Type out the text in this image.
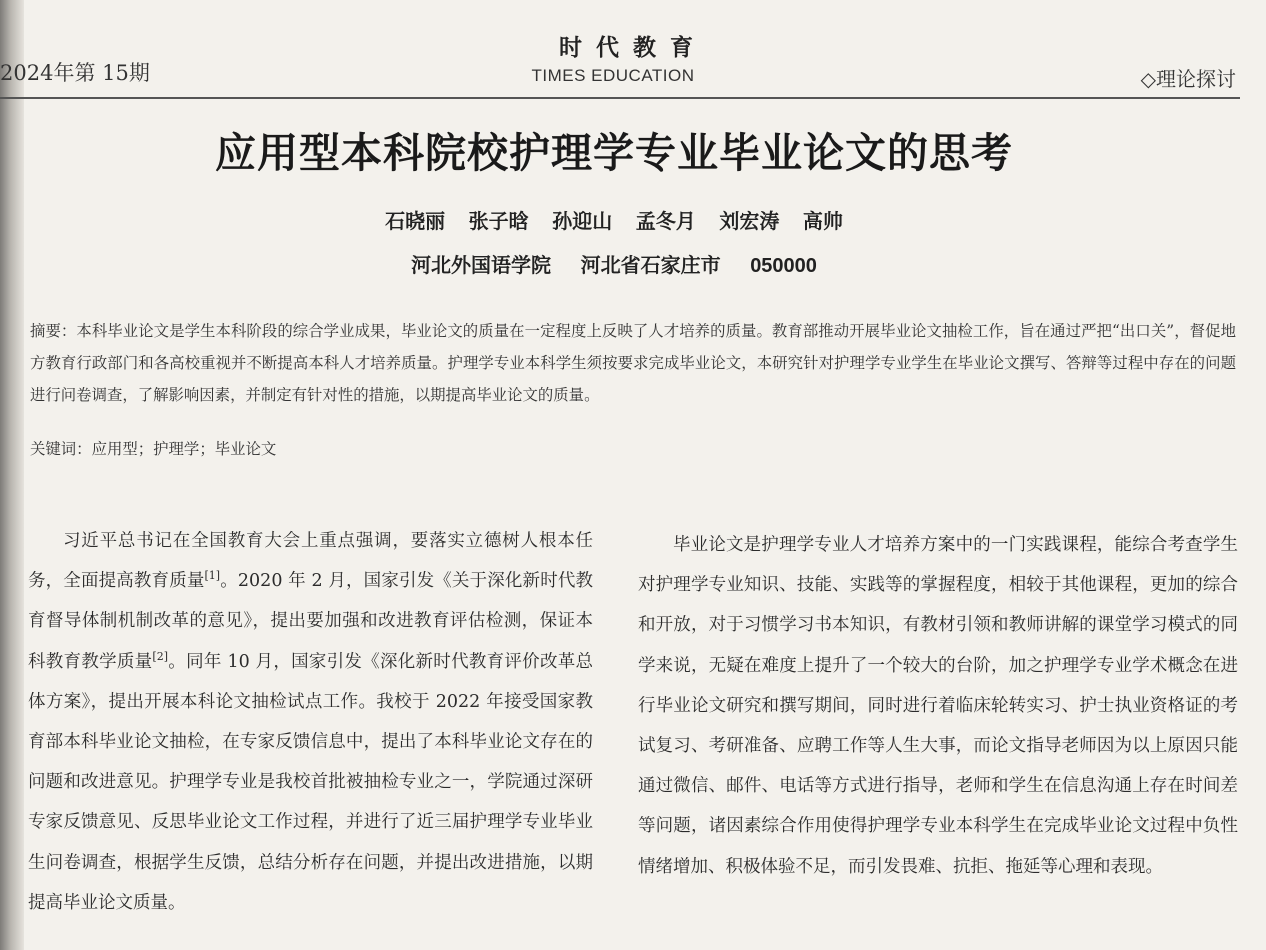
2024年第 15期
时代教育
TIMES EDUCATION	◇理论探讨
应用型本科院校护理学专业毕业论文的思考
石晓丽 张子晗 孙迎山 孟冬月 刘宏涛 高帅
河北外国语学院 河北省石家庄市 050000
摘要：本科毕业论文是学生本科阶段的综合学业成果，毕业论文的质量在一定程度上反映了人才培养的质量。教育部推动开展毕业论文抽检工作，旨在通过严把“出口关”，督促地方教育行政部门和各高校重视并不断提高本科人才培养质量。护理学专业本科学生须按要求完成毕业论文，本研究针对护理学专业学生在毕业论文撰写、答辩等过程中存在的问题进行问卷调查，了解影响因素，并制定有针对性的措施，以期提高毕业论文的质量。
关键词：应用型；护理学；毕业论文

习近平总书记在全国教育大会上重点强调，要落实立德树人根本任务，全面提高教育质量[1]。2020 年 2 月，国家引发《关于深化新时代教育督导体制机制改革的意见》，提出要加强和改进教育评估检测，保证本科教育教学质量[2]。同年 10 月，国家引发《深化新时代教育评价改革总体方案》，提出开展本科论文抽检试点工作。我校于 2022 年接受国家教育部本科毕业论文抽检，在专家反馈信息中，提出了本科毕业论文存在的问题和改进意见。护理学专业是我校首批被抽检专业之一，学院通过深研专家反馈意见、反思毕业论文工作过程，并进行了近三届护理学专业毕业生问卷调查，根据学生反馈，总结分析存在问题，并提出改进措施，以期提高毕业论文质量。

毕业论文是护理学专业人才培养方案中的一门实践课程，能综合考查学生对护理学专业知识、技能、实践等的掌握程度，相较于其他课程，更加的综合和开放，对于习惯学习书本知识，有教材引领和教师讲解的课堂学习模式的同学来说，无疑在难度上提升了一个较大的台阶，加之护理学专业学术概念在进行毕业论文研究和撰写期间，同时进行着临床轮转实习、护士执业资格证的考试复习、考研准备、应聘工作等人生大事，而论文指导老师因为以上原因只能通过微信、邮件、电话等方式进行指导，老师和学生在信息沟通上存在时间差等问题，诸因素综合作用使得护理学专业本科学生在完成毕业论文过程中负性情绪增加、积极体验不足，而引发畏难、抗拒、拖延等心理和表现。
